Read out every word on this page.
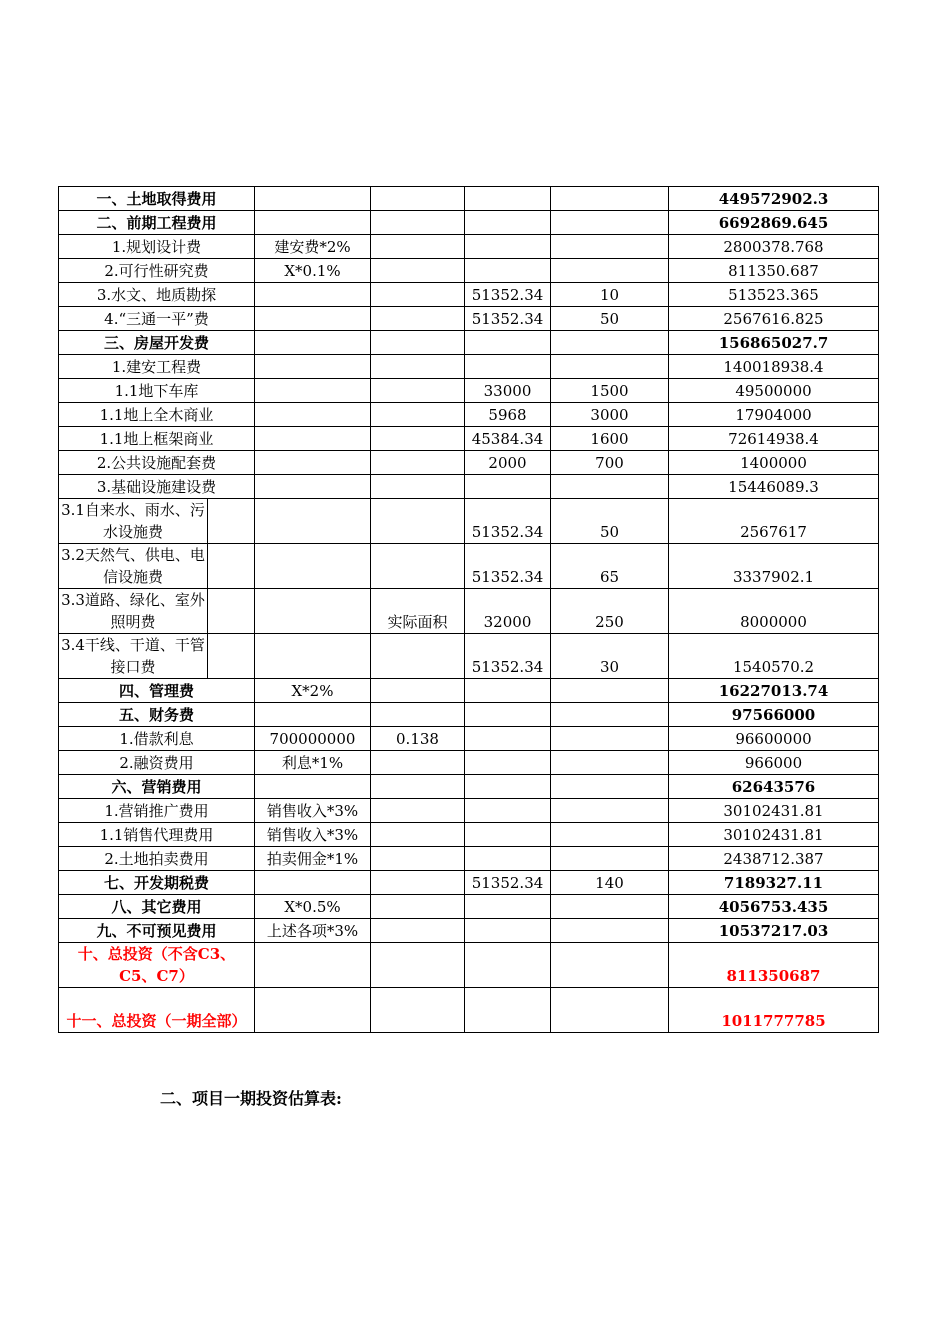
一、土地取得费用					449572902.3
二、前期工程费用					6692869.645
1.规划设计费	建安费*2%				2800378.768
2.可行性研究费	X*0.1%				811350.687
3.水文、地质勘探			51352.34	10	513523.365
4.“三通一平”费			51352.34	50	2567616.825
三、房屋开发费					156865027.7
1.建安工程费					140018938.4
1.1地下车库			33000	1500	49500000
1.1地上全木商业			5968	3000	17904000
1.1地上框架商业			45384.34	1600	72614938.4
2.公共设施配套费			2000	700	1400000
3.基础设施建设费					15446089.3

3.1自来水、雨水、污水设施费			51352.34	50	2567617

3.2天然气、供电、电信设施费			51352.34	65	3337902.1

3.3道路、绿化、室外照明费		实际面积	32000	250	8000000

3.4干线、干道、干管接口费			51352.34	30	1540570.2
四、管理费	X*2%				16227013.74
五、财务费					97566000
1.借款利息	700000000	0.138			96600000
2.融资费用	利息*1%				966000
六、营销费用					62643576
1.营销推广费用	销售收入*3%				30102431.81
1.1销售代理费用	销售收入*3%				30102431.81
2.土地拍卖费用	拍卖佣金*1%				2438712.387
七、开发期税费			51352.34	140	7189327.11
八、其它费用	X*0.5%				4056753.435
九、不可预见费用	上述各项*3%				10537217.03
十、总投资（不含C3、C5、C7）					811350687
十一、总投资（一期全部）					1011777785
二、项目一期投资估算表:
